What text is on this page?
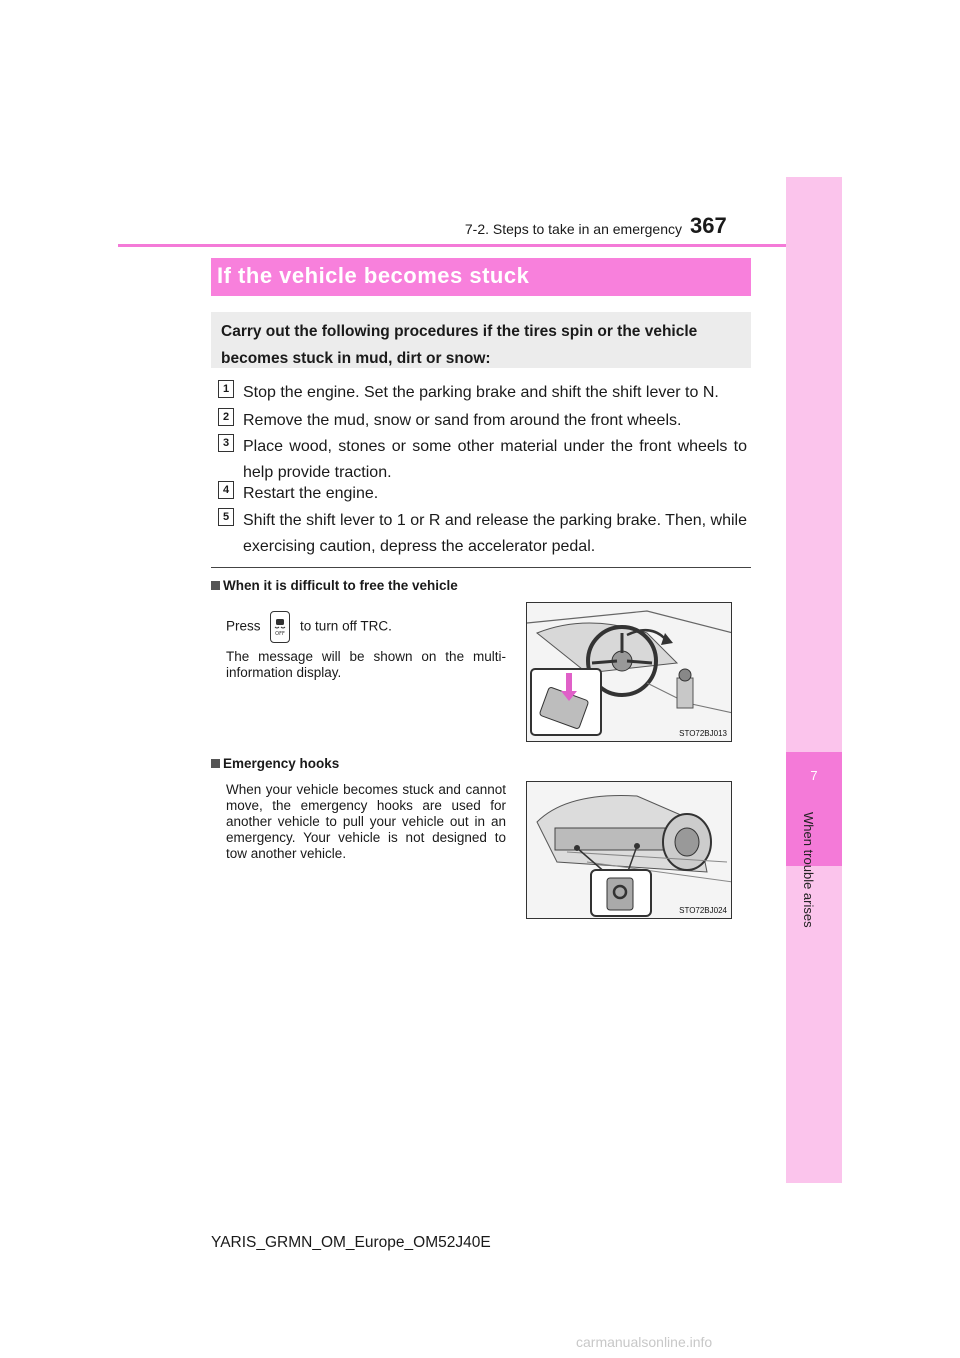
7
When trouble arises
7-2. Steps to take in an emergency 367
If the vehicle becomes stuck
Carry out the following procedures if the tires spin or the vehicle becomes stuck in mud, dirt or snow:
1 Stop the engine. Set the parking brake and shift the shift lever to N.
2 Remove the mud, snow or sand from around the front wheels.
3 Place wood, stones or some other material under the front wheels to help provide traction.
4 Restart the engine.
5 Shift the shift lever to 1 or R and release the parking brake. Then, while exercising caution, depress the accelerator pedal.
When it is difficult to free the vehicle
Press
OFF
to turn off TRC.
The message will be shown on the multi-information display.
STO72BJ013
Emergency hooks
When your vehicle becomes stuck and cannot move, the emergency hooks are used for another vehicle to pull your vehicle out in an emergency. Your vehicle is not designed to tow another vehicle.
STO72BJ024
YARIS_GRMN_OM_Europe_OM52J40E
carmanualsonline.info
